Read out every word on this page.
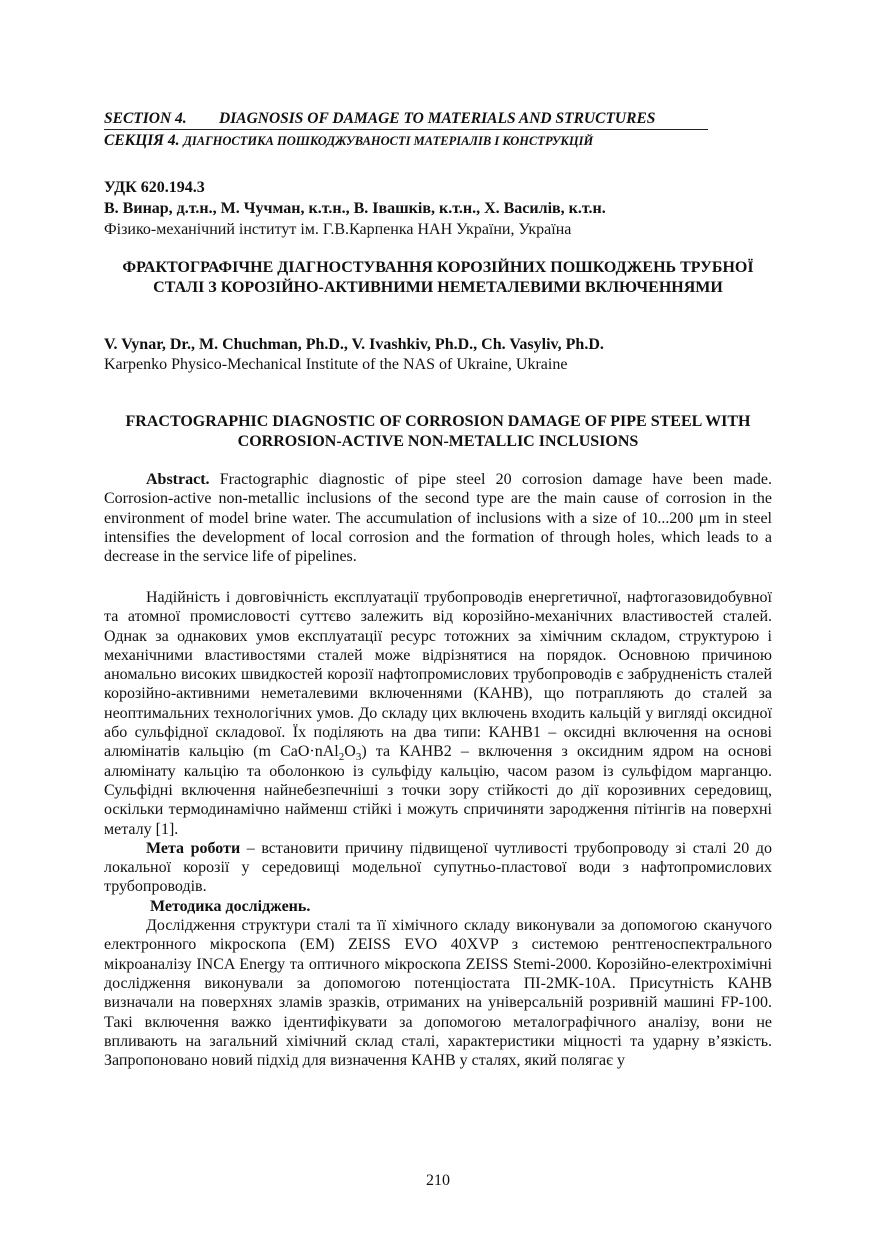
SECTION 4. DIAGNOSIS OF DAMAGE TO MATERIALS AND STRUCTURES
СЕКЦІЯ 4. ДІАГНОСТИКА ПОШКОДЖУВАНОСТІ МАТЕРІАЛІВ І КОНСТРУКЦІЙ
УДК 620.194.3
В. Винар, д.т.н., М. Чучман, к.т.н., В. Івашків, к.т.н., Х. Василів, к.т.н.
Фізико-механічний інститут ім. Г.В.Карпенка НАН України, Україна
ФРАКТОГРАФІЧНЕ ДІАГНОСТУВАННЯ КОРОЗІЙНИХ ПОШКОДЖЕНЬ ТРУБНОЇ СТАЛІ З КОРОЗІЙНО-АКТИВНИМИ НЕМЕТАЛЕВИМИ ВКЛЮЧЕННЯМИ
V. Vynar, Dr., M. Chuchman, Ph.D., V. Ivashkiv, Ph.D., Ch. Vasyliv, Ph.D.
Karpenko Physico-Mechanical Institute of the NAS of Ukraine, Ukraine
FRACTOGRAPHIC DIAGNOSTIC OF CORROSION DAMAGE OF PIPE STEEL WITH CORROSION-ACTIVE NON-METALLIC INCLUSIONS

Abstract. Fractographic diagnostic of pipe steel 20 corrosion damage have been made. Corrosion-active non-metallic inclusions of the second type are the main cause of corrosion in the environment of model brine water. The accumulation of inclusions with a size of 10...200 μm in steel intensifies the development of local corrosion and the formation of through holes, which leads to a decrease in the service life of pipelines.

Надійність і довговічність експлуатації трубопроводів енергетичної, нафтогазовидобувної та атомної промисловості суттєво залежить від корозійно-механічних властивостей сталей. Однак за однакових умов експлуатації ресурс тотожних за хімічним складом, структурою і механічними властивостями сталей може відрізнятися на порядок. Основною причиною аномально високих швидкостей корозії нафтопромислових трубопроводів є забрудненість сталей корозійно-активними неметалевими включеннями (КАНВ), що потрапляють до сталей за неоптимальних технологічних умов. До складу цих включень входить кальцій у вигляді оксидної або сульфідної складової. Їх поділяють на два типи: КАНВ1 – оксидні включення на основі алюмінатів кальцію (m $CaO\cdot nAl_2O_3$) та КАНВ2 – включення з оксидним ядром на основі алюмінату кальцію та оболонкою із сульфіду кальцію, часом разом із сульфідом марганцю. Сульфідні включення найнебезпечніші з точки зору стійкості до дії корозивних середовищ, оскільки термодинамічно найменш стійкі і можуть спричиняти зародження пітінгів на поверхні металу [1].

Мета роботи – встановити причину підвищеної чутливості трубопроводу зі сталі 20 до локальної корозії у середовищі модельної супутньо-пластової води з нафтопромислових трубопроводів.

Методика досліджень.

Дослідження структури сталі та її хімічного складу виконували за допомогою сканучого електронного мікроскопа (ЕМ) ZEISS EVO 40XVP з системою рентгеноспектрального мікроаналізу INCA Energy та оптичного мікроскопа ZEISS Stemi-2000. Корозійно-електрохімічні дослідження виконували за допомогою потенціостата ПІ-2МК-10А. Присутність КАНВ визначали на поверхнях зламів зразків, отриманих на універсальній розривній машині FP-100. Такі включення важко ідентифікувати за допомогою металографічного аналізу, вони не впливають на загальний хімічний склад сталі, характеристики міцності та ударну в’язкість. Запропоновано новий підхід для визначення КАНВ у сталях, який полягає у

210
